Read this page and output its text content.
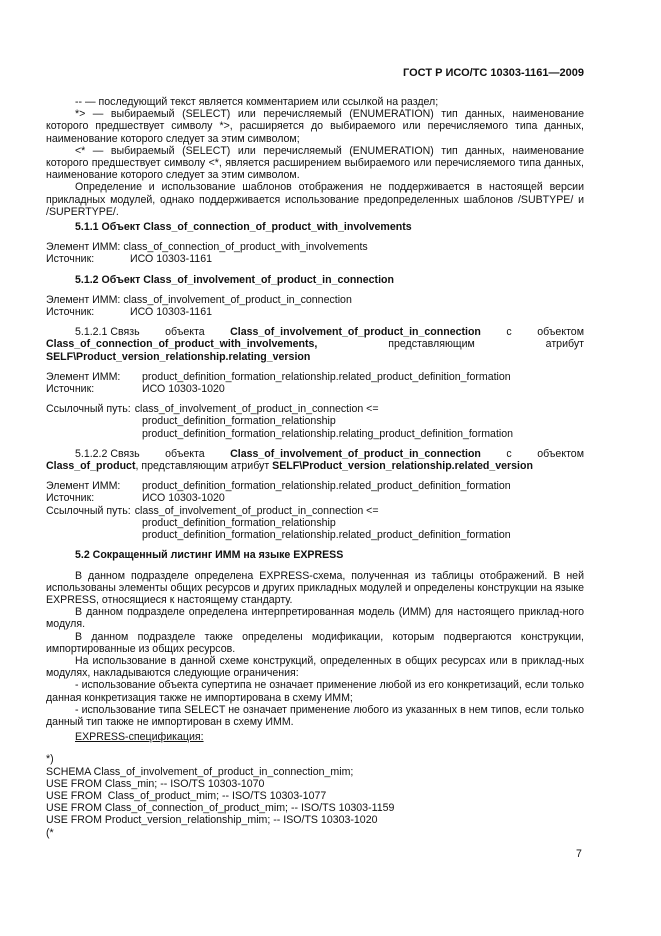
ГОСТ Р ИСО/ТС 10303-1161—2009

-- — последующий текст является комментарием или ссылкой на раздел;

*> — выбираемый (SELECT) или перечисляемый (ENUMERATION) тип данных, наименование которого предшествует символу *>, расширяется до выбираемого или перечисляемого типа данных, наименование которого следует за этим символом;

<* — выбираемый (SELECT) или перечисляемый (ENUMERATION) тип данных, наименование которого предшествует символу <*, является расширением выбираемого или перечисляемого типа данных, наименование которого следует за этим символом.

Определение и использование шаблонов отображения не поддерживается в настоящей версии прикладных модулей, однако поддерживается использование предопределенных шаблонов /SUBTYPE/ и /SUPERTYPE/.

5.1.1 Объект Class_of_connection_of_product_with_involvements

Элемент ИММ: class_of_connection_of_product_with_involvements

Источник:	ИСО 10303-1161

5.1.2 Объект Class_of_involvement_of_product_in_connection

Элемент ИММ: class_of_involvement_of_product_in_connection

Источник:	ИСО 10303-1161
5.1.2.1 Связь объекта Class_of_involvement_of_product_in_connection с объектом
Class_of_connection_of_product_with_involvements,	представляющим	атрибут

SELF\Product_version_relationship.relating_version

Элемент ИММ:	product_definition_formation_relationship.related_product_definition_formation
Источник:	ИСО 10303-1020
Ссылочный путь: class_of_involvement_of_product_in_connection <=
product_definition_formation_relationship
product_definition_formation_relationship.relating_product_definition_formation
5.1.2.2 Связь объекта Class_of_involvement_of_product_in_connection с объектом

Class_of_product, представляющим атрибут SELF\Product_version_relationship.related_version

Элемент ИММ:	product_definition_formation_relationship.related_product_definition_formation
Источник:	ИСО 10303-1020
Ссылочный путь: class_of_involvement_of_product_in_connection <=
product_definition_formation_relationship
product_definition_formation_relationship.related_product_definition_formation

5.2 Сокращенный листинг ИММ на языке EXPRESS

В данном подразделе определена EXPRESS-схема, полученная из таблицы отображений. В ней использованы элементы общих ресурсов и других прикладных модулей и определены конструкции на языке EXPRESS, относящиеся к настоящему стандарту.

В данном подразделе определена интерпретированная модель (ИММ) для настоящего приклад-ного модуля.

В данном подразделе также определены модификации, которым подвергаются конструкции, импортированные из общих ресурсов.

На использование в данной схеме конструкций, определенных в общих ресурсах или в приклад-ных модулях, накладываются следующие ограничения:

- использование объекта супертипа не означает применение любой из его конкретизаций, если только данная конкретизация также не импортирована в схему ИММ;

- использование типа SELECT не означает применение любого из указанных в нем типов, если только данный тип также не импортирован в схему ИММ.

EXPRESS-спецификация:

*)

SCHEMA Class_of_involvement_of_product_in_connection_mim;

USE FROM Class_min; -- ISO/TS 10303-1070

USE FROM  Class_of_product_mim; -- ISO/TS 10303-1077

USE FROM Class_of_connection_of_product_mim; -- ISO/TS 10303-1159

USE FROM Product_version_relationship_mim; -- ISO/TS 10303-1020

(*

7
